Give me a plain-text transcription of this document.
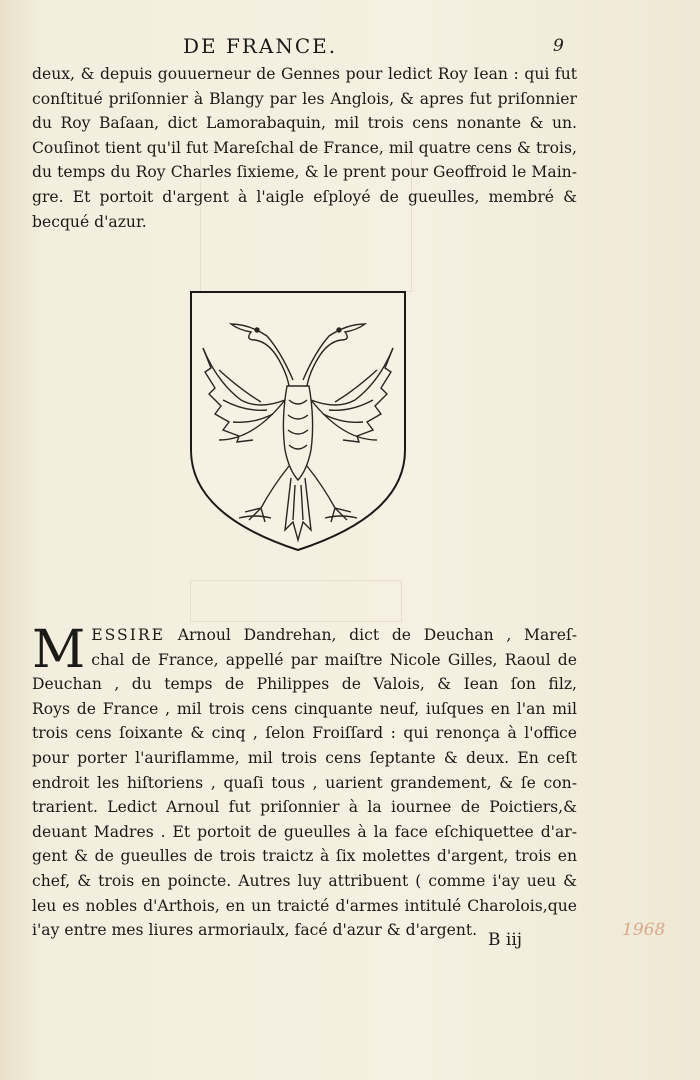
DE FRANCE.	9
deux, & depuis gouuerneur de Gennes pour ledict Roy Iean : qui fut
conſtitué priſonnier à Blangy par les Anglois, & apres fut priſonnier
du Roy Baſaan, dict Lamorabaquin, mil trois cens nonante & un.
Couſinot tient qu'il fut Mareſchal de France, mil quatre cens & trois,
du temps du Roy Charles ſixieme, & le prent pour Geoffroid le Main-
gre. Et portoit d'argent à l'aigle eſployé de gueulles, membré &
becqué d'azur.
M ESSIRE Arnoul Dandrehan, dict de Deuchan , Mareſ-
chal de France, appellé par maiſtre Nicole Gilles, Raoul de
Deuchan , du temps de Philippes de Valois, & Iean ſon filz,
Roys de France , mil trois cens cinquante neuf, iuſques en l'an mil
trois cens ſoixante & cinq , ſelon Froiſſard : qui renonça à l'office
pour porter l'auriflamme, mil trois cens ſeptante & deux. En ceſt
endroit les hiſtoriens , quaſi tous , uarient grandement, & ſe con-
trarient. Ledict Arnoul fut priſonnier à la iournee de Poictiers,&
deuant Madres . Et portoit de gueulles à la face eſchiquettee d'ar-
gent & de gueulles de trois traictz à ſix molettes d'argent, trois en
chef, & trois en poincte. Autres luy attribuent ( comme i'ay ueu &
leu es nobles d'Arthois, en un traicté d'armes intitulé Charolois,que
i'ay entre mes liures armoriaulx, facé d'azur & d'argent. B iij	1968
